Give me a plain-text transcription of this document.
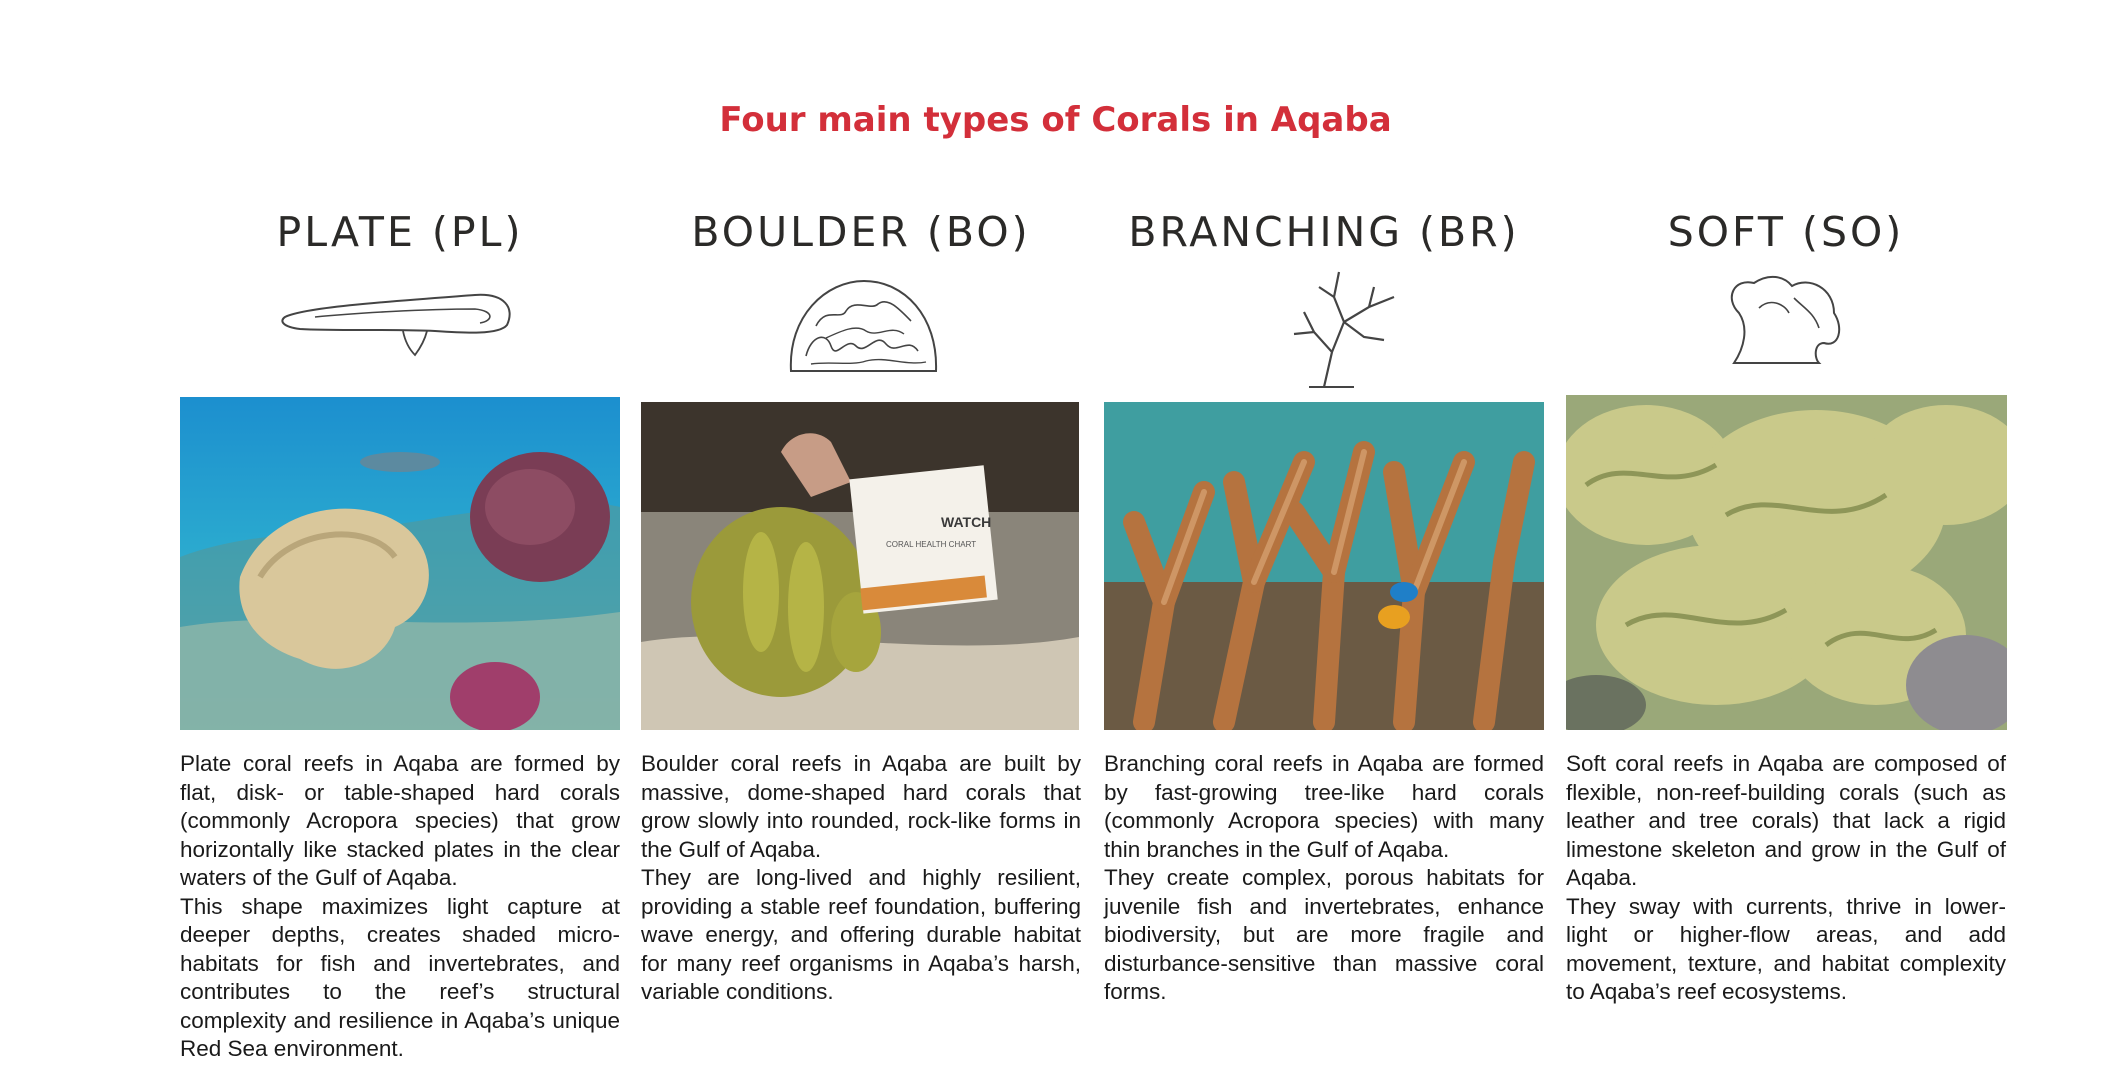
Four main types of Corals in Aqaba
PLATE (PL)

Plate coral reefs in Aqaba are formed by flat, disk- or table-shaped hard corals (commonly Acropora species) that grow horizontally like stacked plates in the clear waters of the Gulf of Aqaba.

This shape maximizes light capture at deeper depths, creates shaded micro-habitats for fish and invertebrates, and contributes to the reef’s structural complexity and resilience in Aqaba’s unique Red Sea environment.

BOULDER (BO)
WATCH
CORAL HEALTH CHART

Boulder coral reefs in Aqaba are built by massive, dome-shaped hard corals that grow slowly into rounded, rock-like forms in the Gulf of Aqaba.

They are long-lived and highly resilient, providing a stable reef foundation, buffering wave energy, and offering durable habitat for many reef organisms in Aqaba’s harsh, variable conditions.

BRANCHING (BR)

Branching coral reefs in Aqaba are formed by fast-growing tree-like hard corals (commonly Acropora species) with many thin branches in the Gulf of Aqaba.

They create complex, porous habitats for juvenile fish and invertebrates, enhance biodiversity, but are more fragile and disturbance-sensitive than massive coral forms.

SOFT (SO)

Soft coral reefs in Aqaba are composed of flexible, non-reef-building corals (such as leather and tree corals) that lack a rigid limestone skeleton and grow in the Gulf of Aqaba.

They sway with currents, thrive in lower-light or higher-flow areas, and add movement, texture, and habitat complexity to Aqaba’s reef ecosystems.
